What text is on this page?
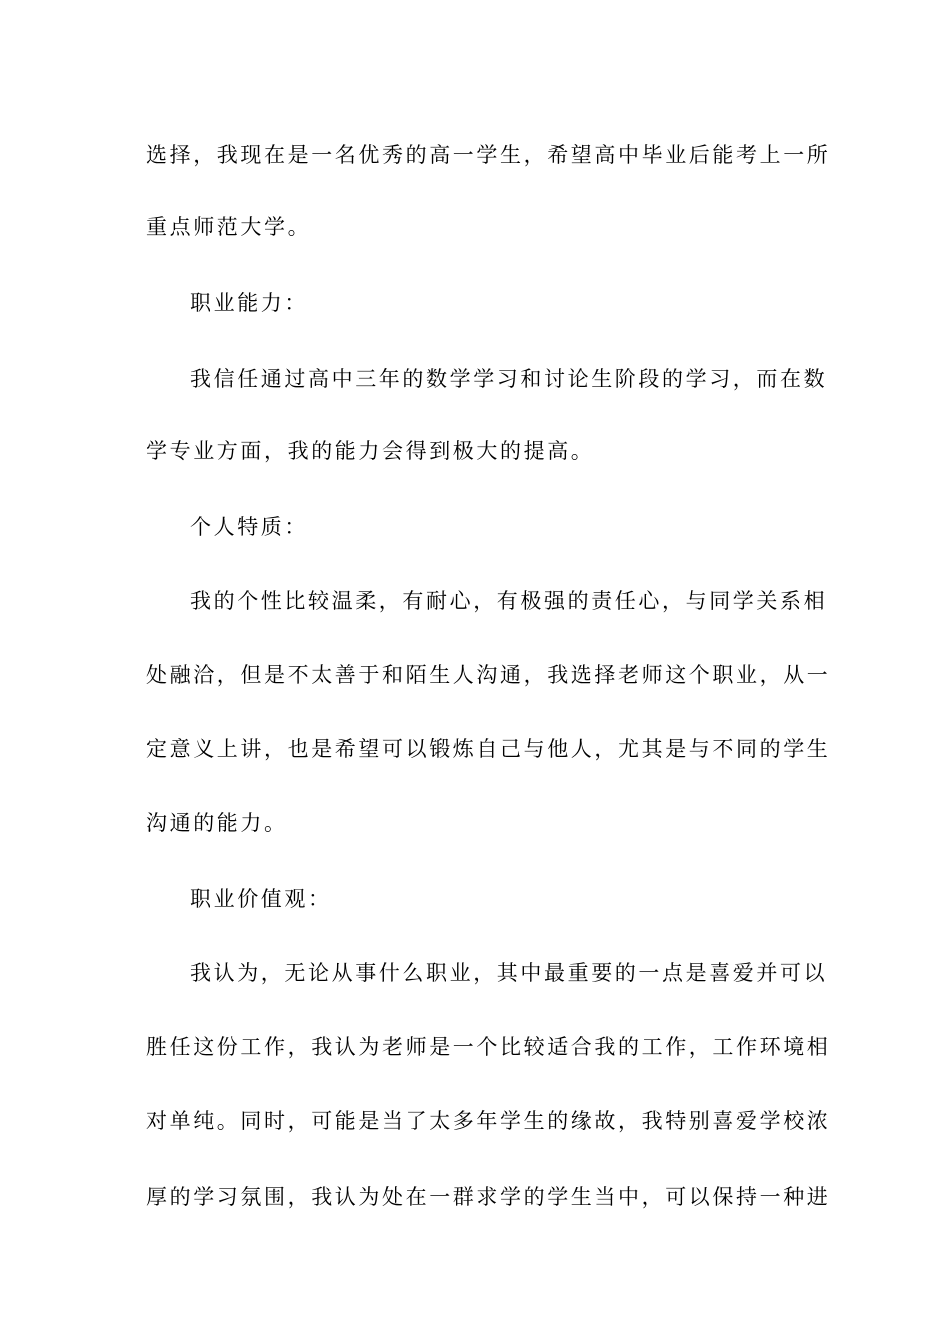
选择，我现在是一名优秀的高一学生，希望高中毕业后能考上一所

重点师范大学。

职业能力：

我信任通过高中三年的数学学习和讨论生阶段的学习，而在数

学专业方面，我的能力会得到极大的提高。

个人特质：

我的个性比较温柔，有耐心，有极强的责任心，与同学关系相

处融洽，但是不太善于和陌生人沟通，我选择老师这个职业，从一

定意义上讲，也是希望可以锻炼自己与他人，尤其是与不同的学生

沟通的能力。

职业价值观：

我认为，无论从事什么职业，其中最重要的一点是喜爱并可以

胜任这份工作，我认为老师是一个比较适合我的工作，工作环境相

对单纯。同时，可能是当了太多年学生的缘故，我特别喜爱学校浓

厚的学习氛围，我认为处在一群求学的学生当中，可以保持一种进
